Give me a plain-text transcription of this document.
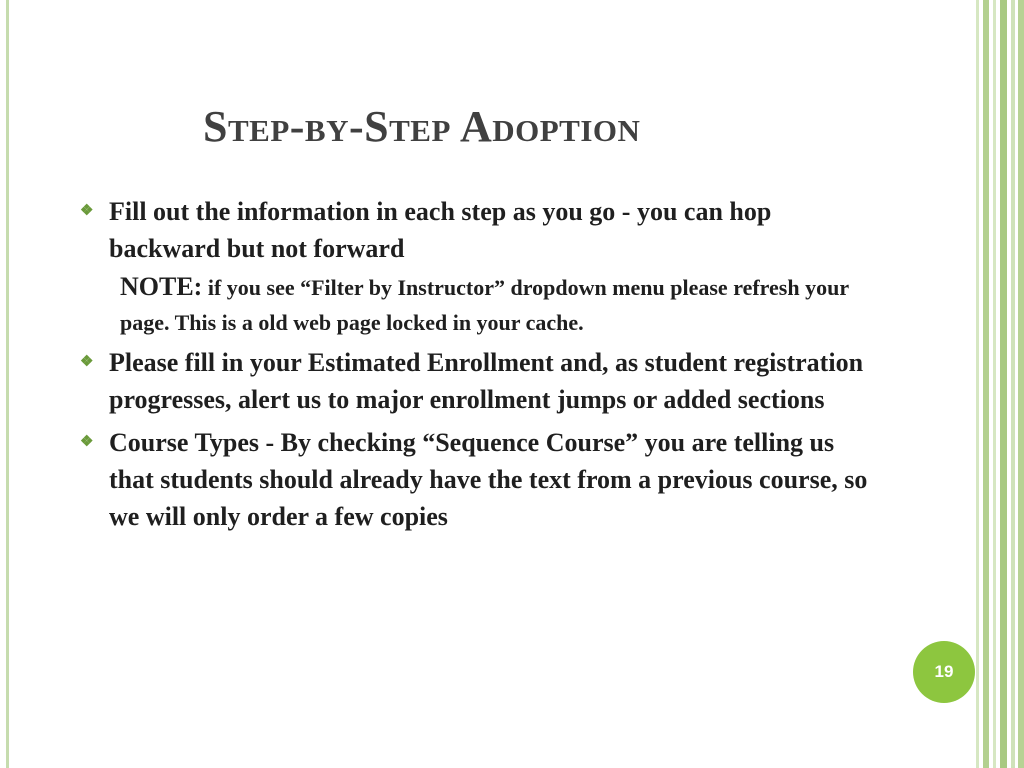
Step-by-Step Adoption
❖ Fill out the information in each step as you go - you can hop backward but not forward
NOTE: if you see “Filter by Instructor” dropdown menu please refresh your page. This is a old web page locked in your cache.
❖ Please fill in your Estimated Enrollment and, as student registration progresses, alert us to major enrollment jumps or added sections
❖ Course Types - By checking “Sequence Course” you are telling us that students should already have the text from a previous course, so we will only order a few copies
19
